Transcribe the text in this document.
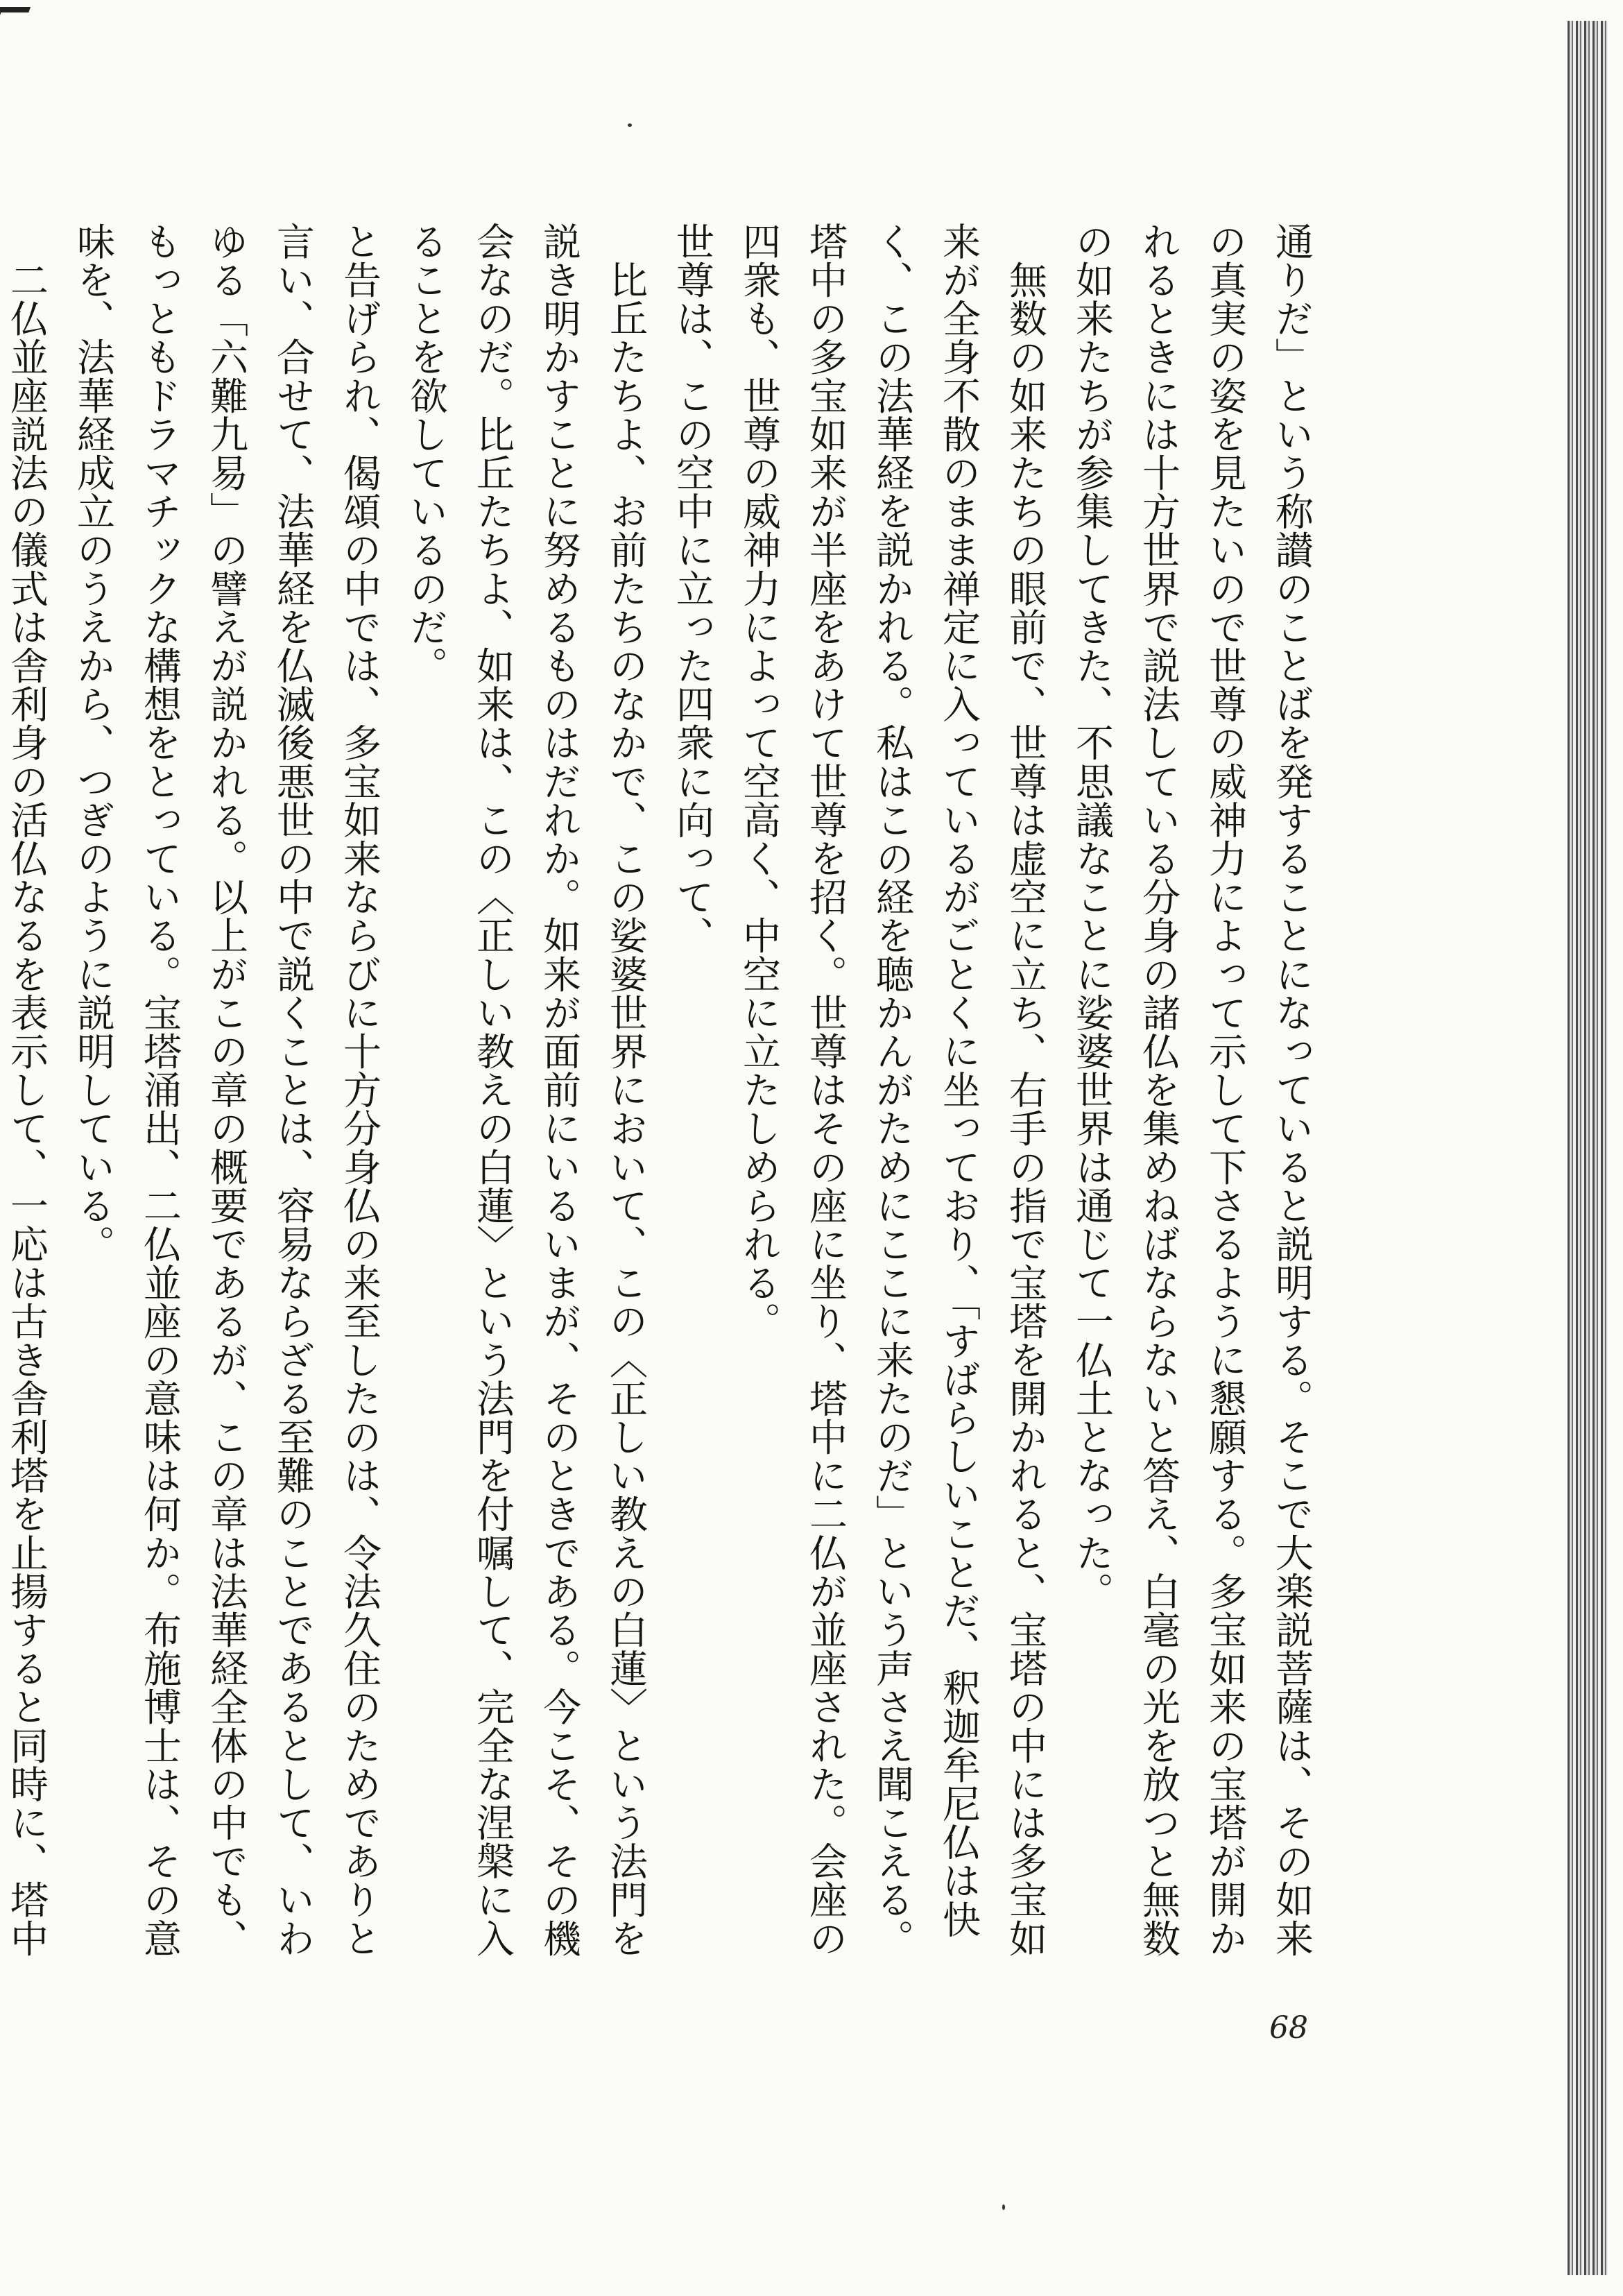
通りだ」という称讃のことばを発することになっていると説明する。そこで大楽説菩薩は、その如来の真実の姿を見たいので世尊の威神力によって示して下さるように懇願する。多宝如来の宝塔が開かれるときには十方世界で説法している分身の諸仏を集めねばならないと答え、白毫の光を放つと無数の如来たちが参集してきた、不思議なことに娑婆世界は通じて一仏土となった。

　無数の如来たちの眼前で、世尊は虚空に立ち、右手の指で宝塔を開かれると、宝塔の中には多宝如来が全身不散のまま禅定に入っているがごとくに坐っており、「すばらしいことだ、釈迦牟尼仏は快く、この法華経を説かれる。私はこの経を聴かんがためにここに来たのだ」という声さえ聞こえる。塔中の多宝如来が半座をあけて世尊を招く。世尊はその座に坐り、塔中に二仏が並座された。会座の四衆も、世尊の威神力によって空高く、中空に立たしめられる。

世尊は、この空中に立った四衆に向って、

　比丘たちよ、お前たちのなかで、この娑婆世界において、この〈正しい教えの白蓮〉という法門を説き明かすことに努めるものはだれか。如来が面前にいるいまが、そのときである。今こそ、その機会なのだ。比丘たちよ、如来は、この〈正しい教えの白蓮〉という法門を付嘱して、完全な涅槃に入ることを欲しているのだ。

と告げられ、偈頌の中では、多宝如来ならびに十方分身仏の来至したのは、令法久住のためでありと言い、合せて、法華経を仏滅後悪世の中で説くことは、容易ならざる至難のことであるとして、いわゆる「六難九易」の譬えが説かれる。以上がこの章の概要であるが、この章は法華経全体の中でも、もっともドラマチックな構想をとっている。宝塔涌出、二仏並座の意味は何か。布施博士は、その意味を、法華経成立のうえから、つぎのように説明している。

　二仏並座説法の儀式は舎利身の活仏なるを表示して、一応は古き舎利塔を止揚すると同時に、塔中

68
